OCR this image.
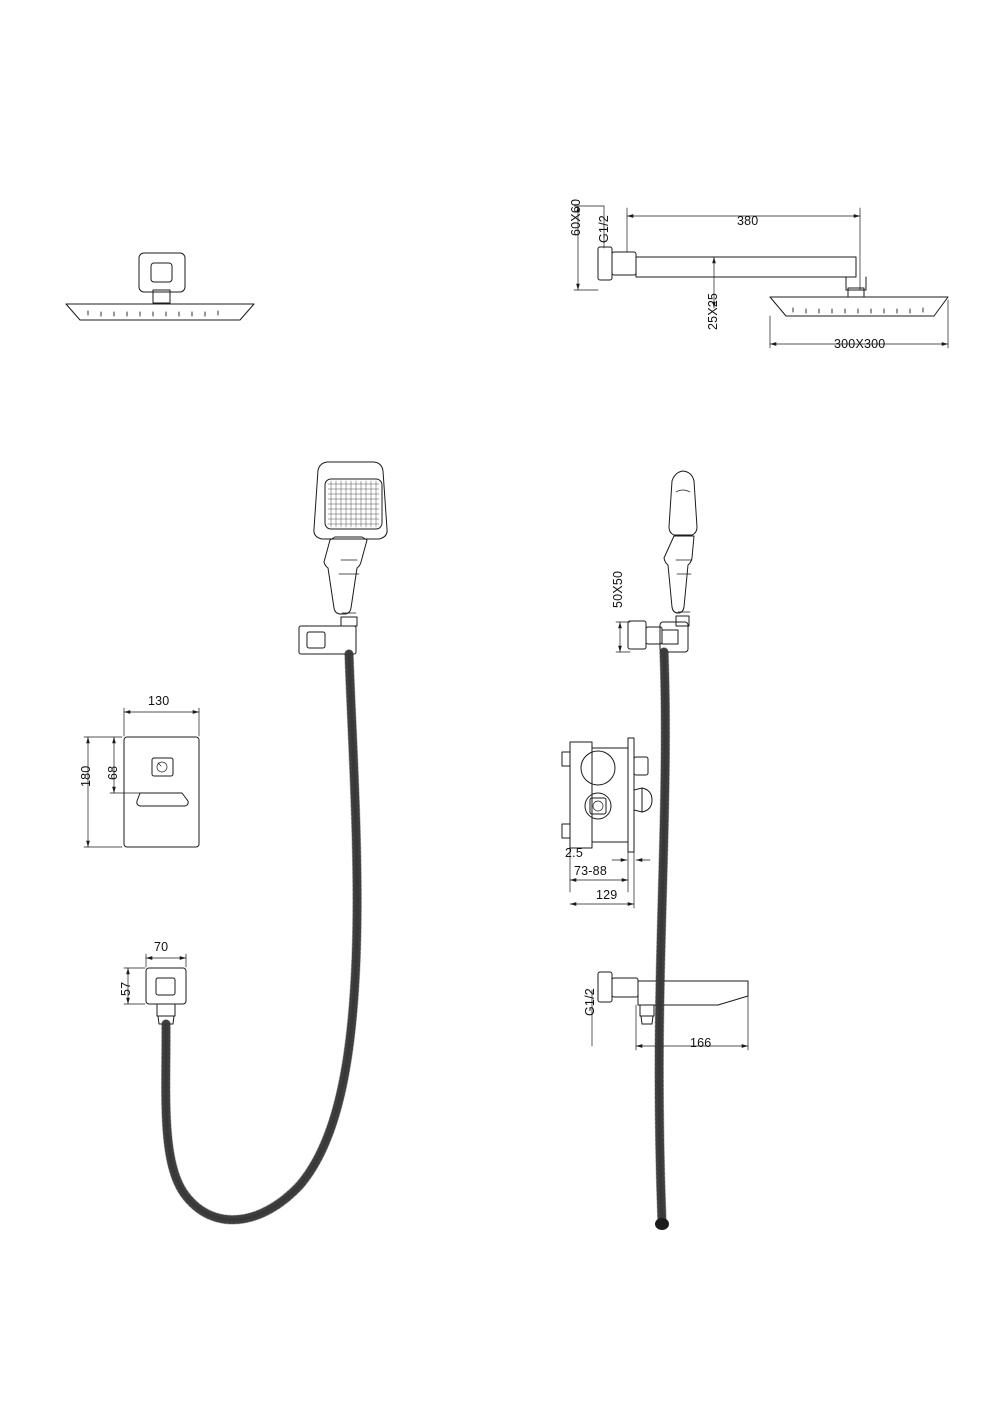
60X60 G1/2	380
25X25
300X300
50X50
130
180 68
2.5
73-88
129
70
57	G1/2
166
